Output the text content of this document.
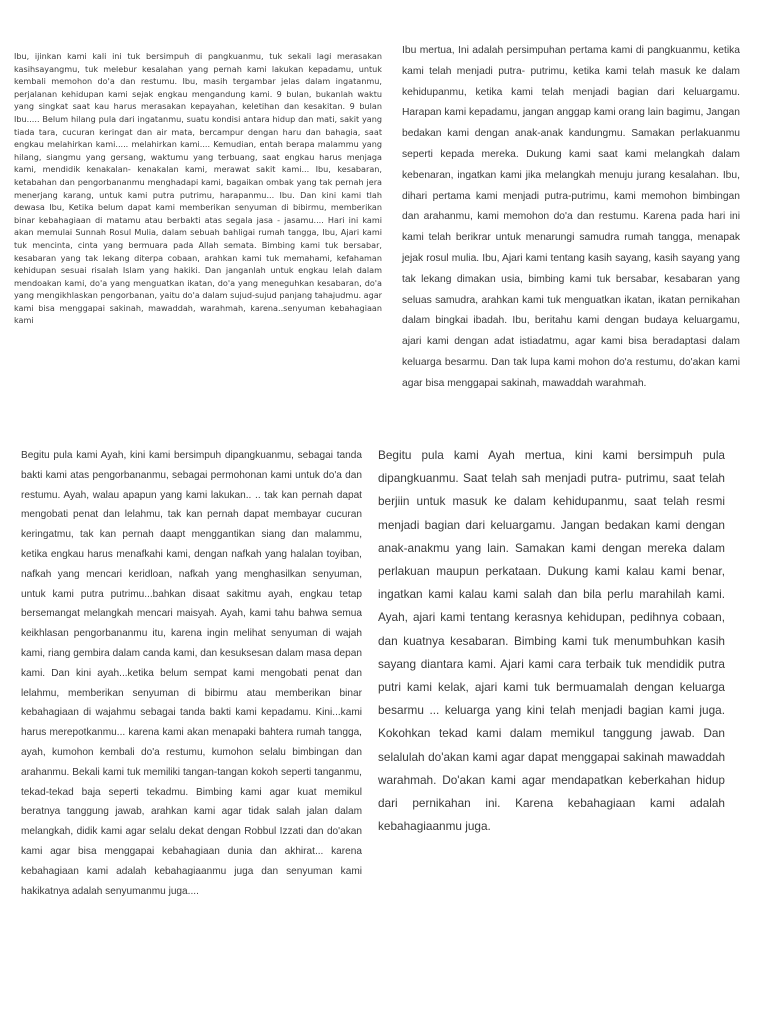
Ibu, ijinkan kami kali ini tuk bersimpuh di pangkuanmu, tuk sekali lagi merasakan kasihsayangmu, tuk melebur kesalahan yang pernah kami lakukan kepadamu, untuk kembali memohon do'a dan restumu. Ibu, masih tergambar jelas dalam ingatanmu, perjalanan kehidupan kami sejak engkau mengandung kami. 9 bulan, bukanlah waktu yang singkat saat kau harus merasakan kepayahan, keletihan dan kesakitan. 9 bulan Ibu..... Belum hilang pula dari ingatanmu, suatu kondisi antara hidup dan mati, sakit yang tiada tara, cucuran keringat dan air mata, bercampur dengan haru dan bahagia, saat engkau melahirkan kami..... melahirkan kami.... Kemudian, entah berapa malammu yang hilang, siangmu yang gersang, waktumu yang terbuang, saat engkau harus menjaga kami, mendidik kenakalan- kenakalan kami, merawat sakit kami... Ibu, kesabaran, ketabahan dan pengorbananmu menghadapi kami, bagaikan ombak yang tak pernah jera menerjang karang, untuk kami putra putrimu, harapanmu... Ibu. Dan kini kami tlah dewasa Ibu, Ketika belum dapat kami memberikan senyuman di bibirmu, memberikan binar kebahagiaan di matamu atau berbakti atas segala jasa - jasamu.... Hari ini kami akan memulai Sunnah Rosul Mulia, dalam sebuah bahligai rumah tangga, Ibu, Ajari kami tuk mencinta, cinta yang bermuara pada Allah semata. Bimbing kami tuk bersabar, kesabaran yang tak lekang diterpa cobaan, arahkan kami tuk memahami, kefahaman kehidupan sesuai risalah Islam yang hakiki. Dan janganlah untuk engkau lelah dalam mendoakan kami, do'a yang menguatkan ikatan, do'a yang meneguhkan kesabaran, do'a yang mengikhlaskan pengorbanan, yaitu do'a dalam sujud-sujud panjang tahajudmu. agar kami bisa menggapai sakinah, mawaddah, warahmah, karena..senyuman kebahagiaan kami

Ibu mertua, Ini adalah persimpuhan pertama kami di pangkuanmu, ketika kami telah menjadi putra- putrimu, ketika kami telah masuk ke dalam kehidupanmu, ketika kami telah menjadi bagian dari keluargamu. Harapan kami kepadamu, jangan anggap kami orang lain bagimu, Jangan bedakan kami dengan anak-anak kandungmu. Samakan perlakuanmu seperti kepada mereka. Dukung kami saat kami melangkah dalam kebenaran, ingatkan kami jika melangkah menuju jurang kesalahan. Ibu, dihari pertama kami menjadi putra-putrimu, kami memohon bimbingan dan arahanmu, kami memohon do'a dan restumu. Karena pada hari ini kami telah berikrar untuk menarungi samudra rumah tangga, menapak jejak rosul mulia. Ibu, Ajari kami tentang kasih sayang, kasih sayang yang tak lekang dimakan usia, bimbing kami tuk bersabar, kesabaran yang seluas samudra, arahkan kami tuk menguatkan ikatan, ikatan pernikahan dalam bingkai ibadah. Ibu, beritahu kami dengan budaya keluargamu, ajari kami dengan adat istiadatmu, agar kami bisa beradaptasi dalam keluarga besarmu. Dan tak lupa kami mohon do'a restumu, do'akan kami agar bisa menggapai sakinah, mawaddah warahmah.

Begitu pula kami Ayah, kini kami bersimpuh dipangkuanmu, sebagai tanda bakti kami atas pengorbananmu, sebagai permohonan kami untuk do'a dan restumu. Ayah, walau apapun yang kami lakukan.. .. tak kan pernah dapat mengobati penat dan lelahmu, tak kan pernah dapat membayar cucuran keringatmu, tak kan pernah daapt menggantikan siang dan malammu, ketika engkau harus menafkahi kami, dengan nafkah yang halalan toyiban, nafkah yang mencari keridloan, nafkah yang menghasilkan senyuman, untuk kami putra putrimu...bahkan disaat sakitmu ayah, engkau tetap bersemangat melangkah mencari maisyah. Ayah, kami tahu bahwa semua keikhlasan pengorbananmu itu, karena ingin melihat senyuman di wajah kami, riang gembira dalam canda kami, dan kesuksesan dalam masa depan kami. Dan kini ayah...ketika belum sempat kami mengobati penat dan lelahmu, memberikan senyuman di bibirmu atau memberikan binar kebahagiaan di wajahmu sebagai tanda bakti kami kepadamu. Kini...kami harus merepotkanmu... karena kami akan menapaki bahtera rumah tangga, ayah, kumohon kembali do'a restumu, kumohon selalu bimbingan dan arahanmu. Bekali kami tuk memiliki tangan-tangan kokoh seperti tanganmu, tekad-tekad baja seperti tekadmu. Bimbing kami agar kuat memikul beratnya tanggung jawab, arahkan kami agar tidak salah jalan dalam melangkah, didik kami agar selalu dekat dengan Robbul Izzati dan do'akan kami agar bisa menggapai kebahagiaan dunia dan akhirat... karena kebahagiaan kami adalah kebahagiaanmu juga dan senyuman kami hakikatnya adalah senyumanmu juga....

Begitu pula kami Ayah mertua, kini kami bersimpuh pula dipangkuanmu. Saat telah sah menjadi putra- putrimu, saat telah berjiin untuk masuk ke dalam kehidupanmu, saat telah resmi menjadi bagian dari keluargamu. Jangan bedakan kami dengan anak-anakmu yang lain. Samakan kami dengan mereka dalam perlakuan maupun perkataan. Dukung kami kalau kami benar, ingatkan kami kalau kami salah dan bila perlu marahilah kami. Ayah, ajari kami tentang kerasnya kehidupan, pedihnya cobaan, dan kuatnya kesabaran. Bimbing kami tuk menumbuhkan kasih sayang diantara kami. Ajari kami cara terbaik tuk mendidik putra putri kami kelak, ajari kami tuk bermuamalah dengan keluarga besarmu ... keluarga yang kini telah menjadi bagian kami juga. Kokohkan tekad kami dalam memikul tanggung jawab. Dan selalulah do'akan kami agar dapat menggapai sakinah mawaddah warahmah. Do'akan kami agar mendapatkan keberkahan hidup dari pernikahan ini. Karena kebahagiaan kami adalah kebahagiaanmu juga.
